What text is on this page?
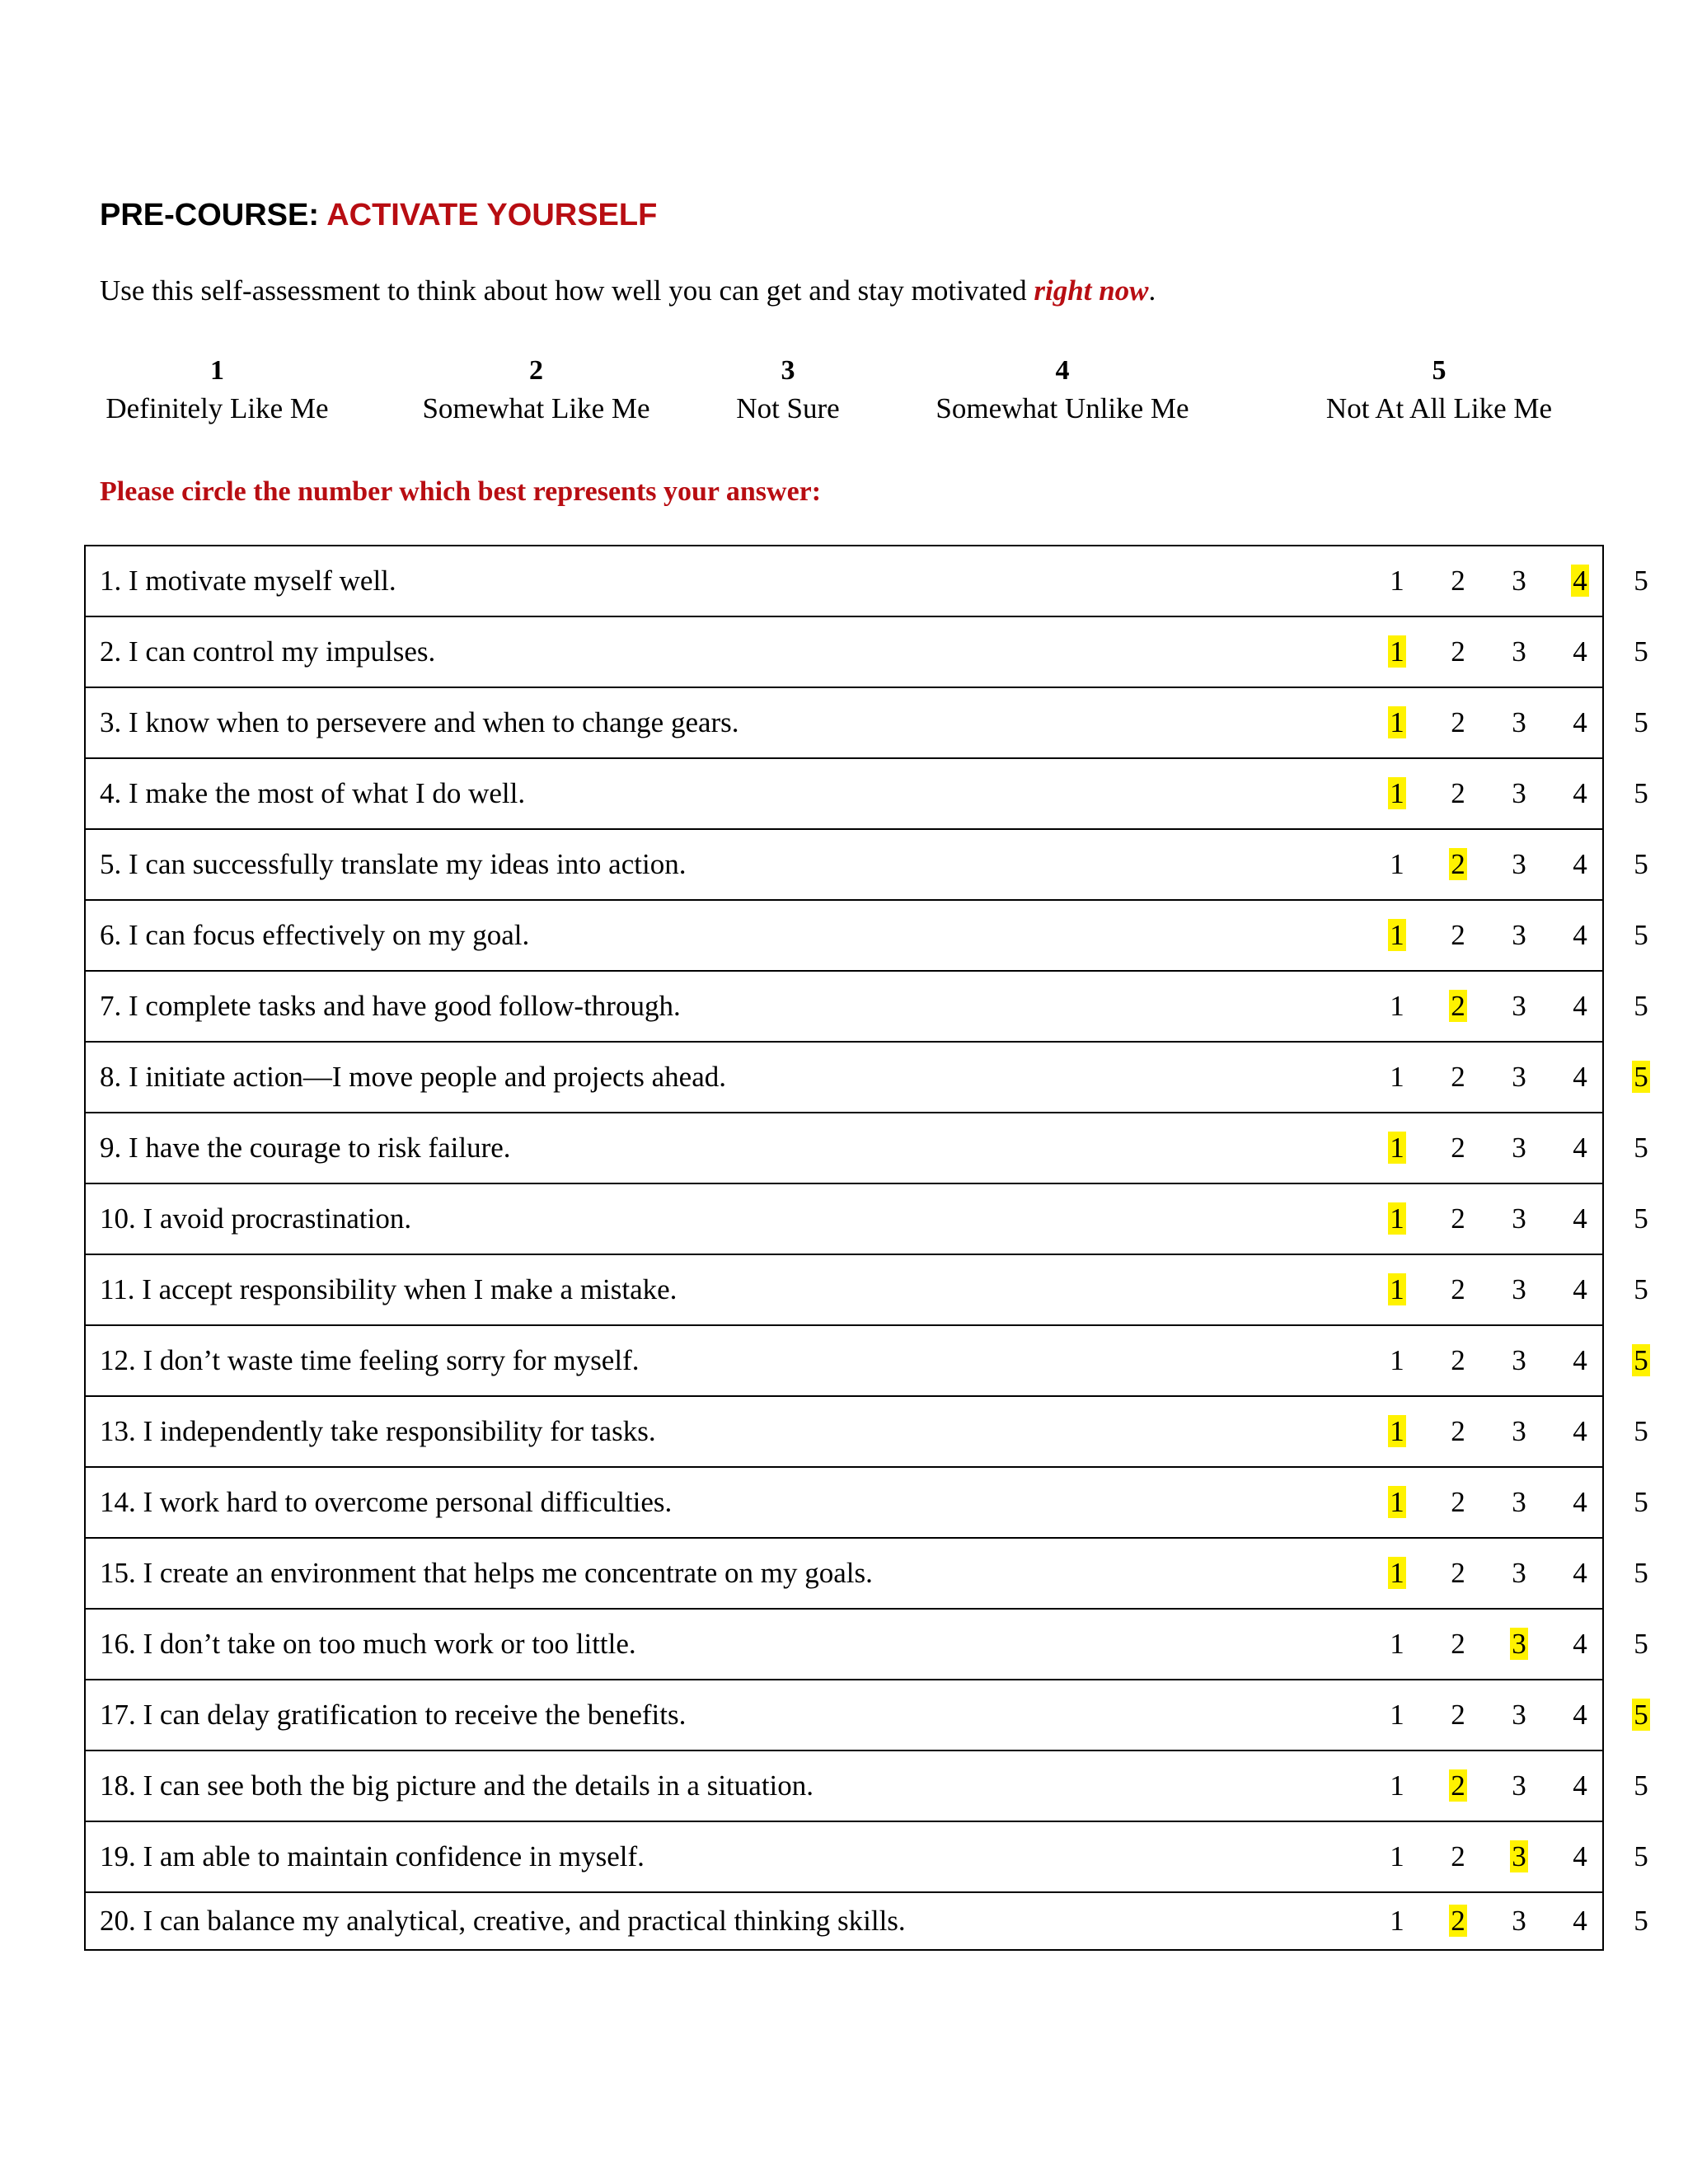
PRE-COURSE: ACTIVATE YOURSELF
Use this self-assessment to think about how well you can get and stay motivated right now.
1
Definitely Like Me
2
Somewhat Like Me
3
Not Sure
4
Somewhat Unlike Me
5
Not At All Like Me
Please circle the number which best represents your answer:
1. I motivate myself well.	1	2	3	4	5
2. I can control my impulses.	1	2	3	4	5
3. I know when to persevere and when to change gears.	1	2	3	4	5
4. I make the most of what I do well.	1	2	3	4	5
5. I can successfully translate my ideas into action.	1	2	3	4	5
6. I can focus effectively on my goal.	1	2	3	4	5
7. I complete tasks and have good follow-through.	1	2	3	4	5
8. I initiate action—I move people and projects ahead.	1	2	3	4	5
9. I have the courage to risk failure.	1	2	3	4	5
10. I avoid procrastination.	1	2	3	4	5
11. I accept responsibility when I make a mistake.	1	2	3	4	5
12. I don’t waste time feeling sorry for myself.	1	2	3	4	5
13. I independently take responsibility for tasks.	1	2	3	4	5
14. I work hard to overcome personal difficulties.	1	2	3	4	5
15. I create an environment that helps me concentrate on my goals.	1	2	3	4	5
16. I don’t take on too much work or too little.	1	2	3	4	5
17. I can delay gratification to receive the benefits.	1	2	3	4	5
18. I can see both the big picture and the details in a situation.	1	2	3	4	5
19. I am able to maintain confidence in myself.	1	2	3	4	5
20. I can balance my analytical, creative, and practical thinking skills.	1	2	3	4	5
